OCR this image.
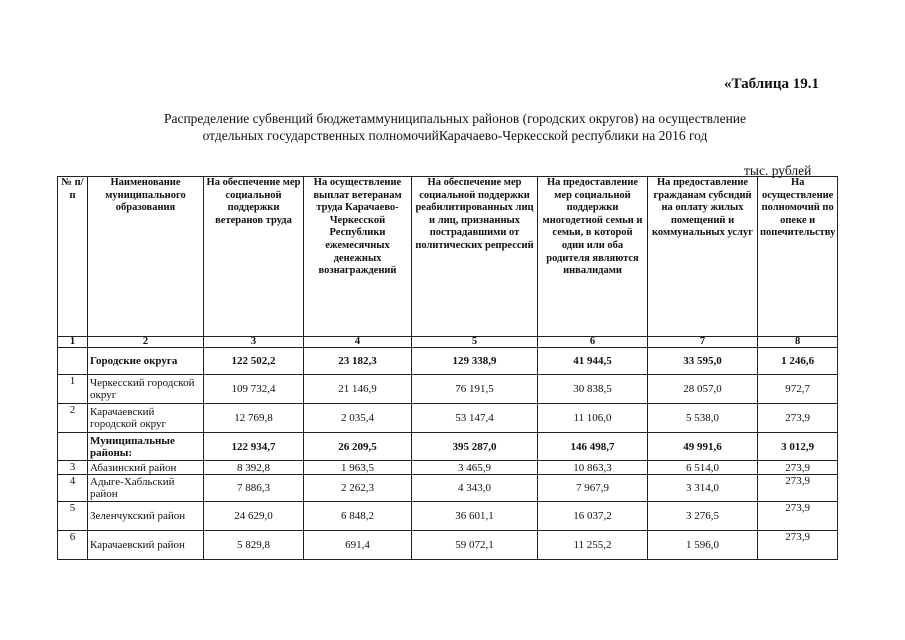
«Таблица 19.1
Распределение субвенций бюджетаммуниципальных районов (городских округов) на осуществление
отдельных государственных полномочийКарачаево-Черкесской республики на 2016 год
тыс. рублей
№ п/п	Наименование муниципального образования	На обеспечение мер социальной поддержки ветеранов труда	На осуществление выплат ветеранам труда Карачаево-Черкесской Республики ежемесячных денежных вознаграждений	На обеспечение мер социальной поддержки реабилитированных лиц и лиц, признанных пострадавшими от политических репрессий	На предоставление мер социальной поддержки многодетной семьи и семьи, в которой один или оба родителя являются инвалидами	На предоставление гражданам субсидий на оплату жилых помещений и коммунальных услуг	На осуществление полномочий по опеке и попечительству
1	2	3	4	5	6	7	8
	Городские округа	122 502,2	23 182,3	129 338,9	41 944,5	33 595,0	1 246,6
1	Черкесский городской округ	109 732,4	21 146,9	76 191,5	30 838,5	28 057,0	972,7
2	Карачаевский городской округ	12 769,8	2 035,4	53 147,4	11 106,0	5 538,0	273,9
	Муниципальные районы:	122 934,7	26 209,5	395 287,0	146 498,7	49 991,6	3 012,9
3	Абазинский район	8 392,8	1 963,5	3 465,9	10 863,3	6 514,0	273,9
4	Адыге-Хабльский район	7 886,3	2 262,3	4 343,0	7 967,9	3 314,0	273,9
5	Зеленчукский район	24 629,0	6 848,2	36 601,1	16 037,2	3 276,5	273,9
6	Карачаевский район	5 829,8	691,4	59 072,1	11 255,2	1 596,0	273,9
